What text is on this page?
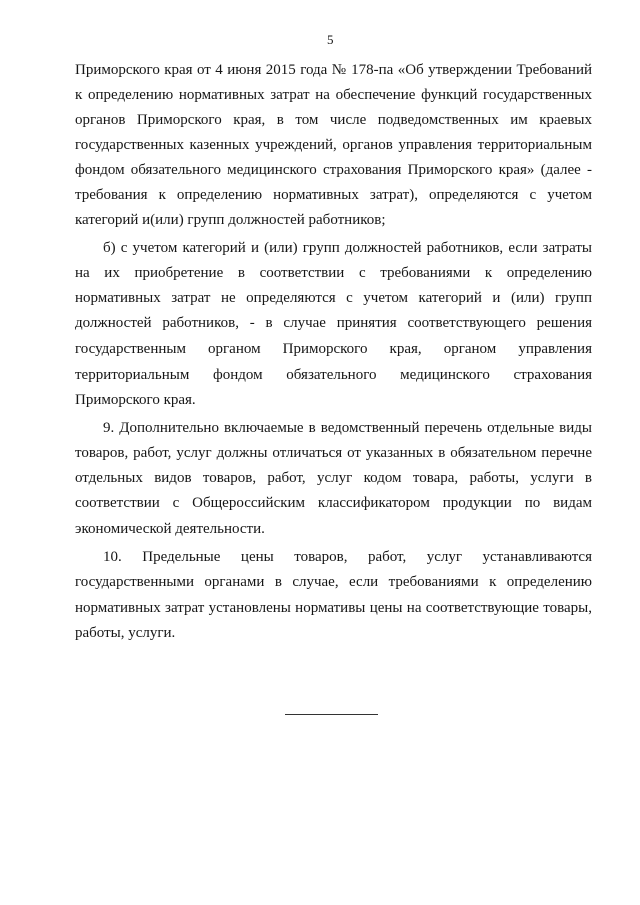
5
Приморского края от 4 июня 2015 года № 178-па «Об утверждении Требований
к определению нормативных затрат на обеспечение функций государственных
органов Приморского края, в том числе подведомственных им краевых
государственных казенных учреждений, органов управления территориальным
фондом обязательного медицинского страхования Приморского края» (далее -
требования к определению нормативных затрат), определяются с учетом
категорий и(или) групп должностей работников;
б) с учетом категорий и (или) групп должностей работников, если затраты
на их приобретение в соответствии с требованиями к определению
нормативных затрат не определяются с учетом категорий и (или) групп
должностей работников, - в случае принятия соответствующего решения
государственным органом Приморского края, органом управления
территориальным фондом обязательного медицинского страхования
Приморского края.
9. Дополнительно включаемые в ведомственный перечень отдельные виды
товаров, работ, услуг должны отличаться от указанных в обязательном перечне
отдельных видов товаров, работ, услуг кодом товара, работы, услуги в
соответствии с Общероссийским классификатором продукции по видам
экономической деятельности.
10. Предельные цены товаров, работ, услуг устанавливаются
государственными органами в случае, если требованиями к определению
нормативных затрат установлены нормативы цены на соответствующие товары,
работы, услуги.
